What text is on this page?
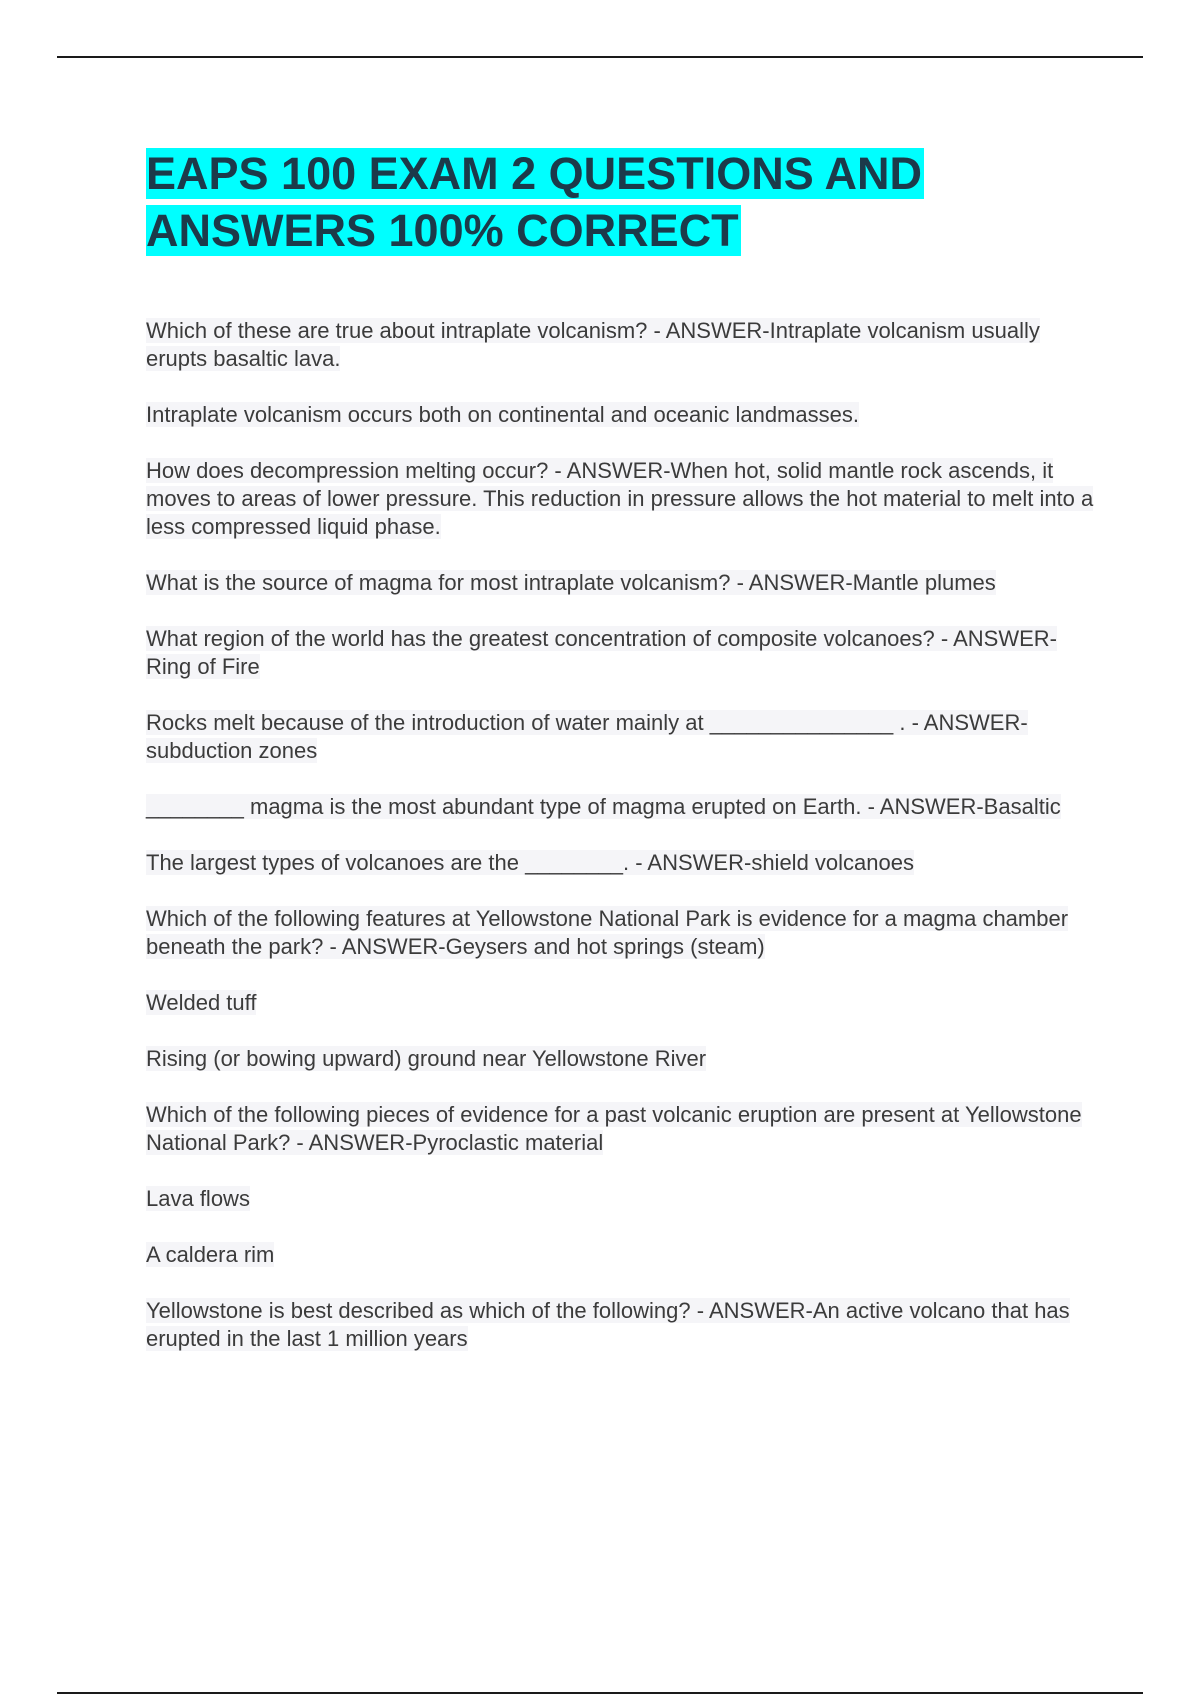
EAPS 100 EXAM 2 QUESTIONS AND ANSWERS 100% CORRECT
Which of these are true about intraplate volcanism? - ANSWER-Intraplate volcanism usually erupts basaltic lava.
Intraplate volcanism occurs both on continental and oceanic landmasses.
How does decompression melting occur? - ANSWER-When hot, solid mantle rock ascends, it moves to areas of lower pressure. This reduction in pressure allows the hot material to melt into a less compressed liquid phase.
What is the source of magma for most intraplate volcanism? - ANSWER-Mantle plumes
What region of the world has the greatest concentration of composite volcanoes? - ANSWER-Ring of Fire
Rocks melt because of the introduction of water mainly at _______________ . - ANSWER-subduction zones
________ magma is the most abundant type of magma erupted on Earth. - ANSWER-Basaltic
The largest types of volcanoes are the ________. - ANSWER-shield volcanoes
Which of the following features at Yellowstone National Park is evidence for a magma chamber beneath the park? - ANSWER-Geysers and hot springs (steam)
Welded tuff
Rising (or bowing upward) ground near Yellowstone River
Which of the following pieces of evidence for a past volcanic eruption are present at Yellowstone National Park? - ANSWER-Pyroclastic material
Lava flows
A caldera rim
Yellowstone is best described as which of the following? - ANSWER-An active volcano that has erupted in the last 1 million years
